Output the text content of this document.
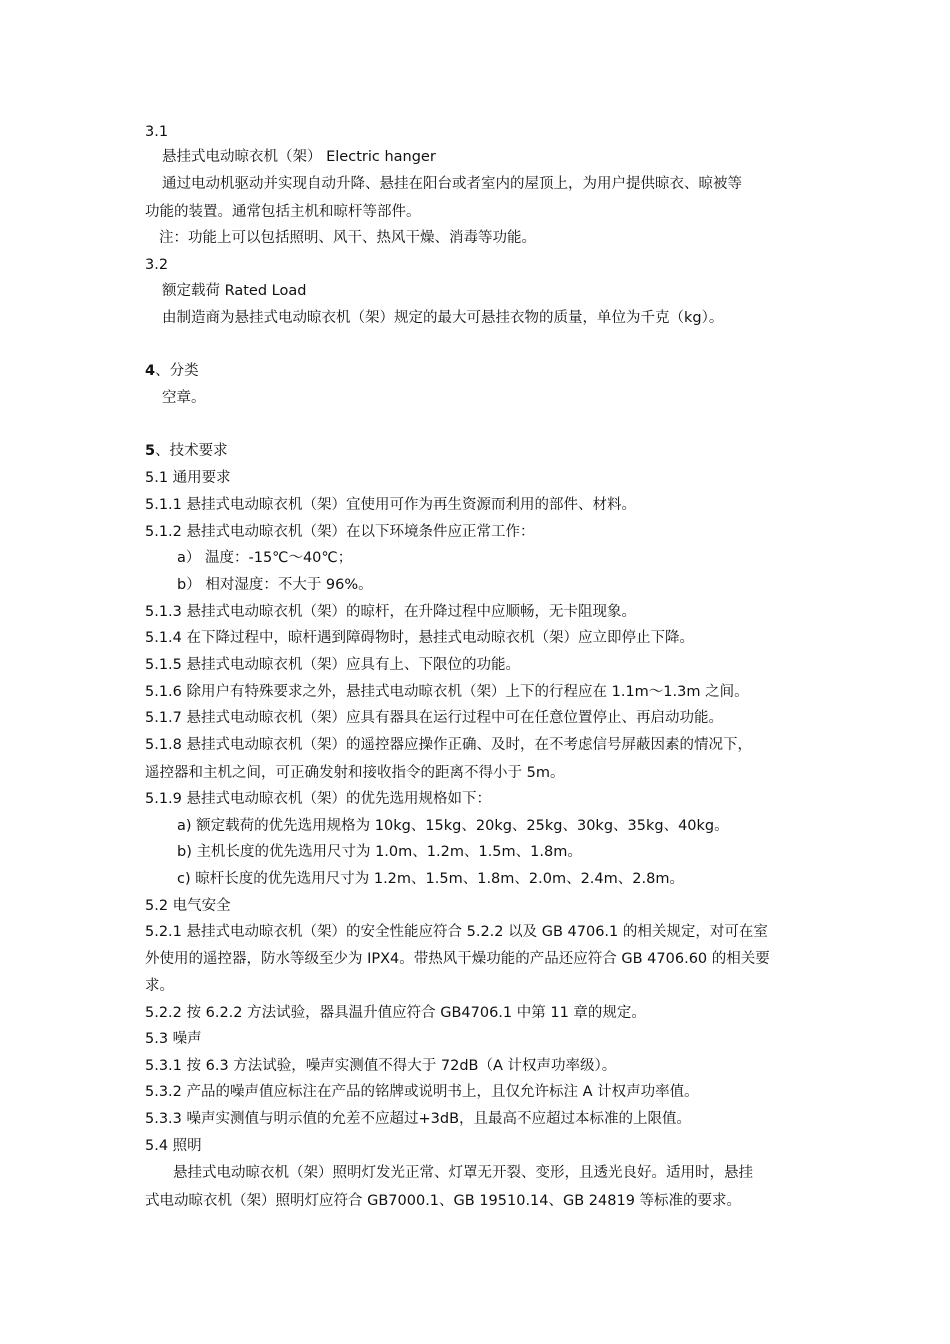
3.1
悬挂式电动晾衣机（架） Electric hanger
通过电动机驱动并实现自动升降、悬挂在阳台或者室内的屋顶上，为用户提供晾衣、晾被等
功能的装置。通常包括主机和晾杆等部件。
注：功能上可以包括照明、风干、热风干燥、消毒等功能。
3.2
额定载荷 Rated Load
由制造商为悬挂式电动晾衣机（架）规定的最大可悬挂衣物的质量，单位为千克（kg）。
4、分类
空章。
5、技术要求
5.1 通用要求
5.1.1 悬挂式电动晾衣机（架）宜使用可作为再生资源而利用的部件、材料。
5.1.2 悬挂式电动晾衣机（架）在以下环境条件应正常工作：
a） 温度：-15℃～40℃；
b） 相对湿度：不大于 96%。
5.1.3 悬挂式电动晾衣机（架）的晾杆，在升降过程中应顺畅，无卡阻现象。
5.1.4 在下降过程中，晾杆遇到障碍物时，悬挂式电动晾衣机（架）应立即停止下降。
5.1.5 悬挂式电动晾衣机（架）应具有上、下限位的功能。
5.1.6 除用户有特殊要求之外，悬挂式电动晾衣机（架）上下的行程应在 1.1m～1.3m 之间。
5.1.7 悬挂式电动晾衣机（架）应具有器具在运行过程中可在任意位置停止、再启动功能。
5.1.8 悬挂式电动晾衣机（架）的遥控器应操作正确、及时，在不考虑信号屏蔽因素的情况下，
遥控器和主机之间，可正确发射和接收指令的距离不得小于 5m。
5.1.9 悬挂式电动晾衣机（架）的优先选用规格如下：
a) 额定载荷的优先选用规格为 10kg、15kg、20kg、25kg、30kg、35kg、40kg。
b) 主机长度的优先选用尺寸为 1.0m、1.2m、1.5m、1.8m。
c) 晾杆长度的优先选用尺寸为 1.2m、1.5m、1.8m、2.0m、2.4m、2.8m。
5.2 电气安全
5.2.1 悬挂式电动晾衣机（架）的安全性能应符合 5.2.2 以及 GB 4706.1 的相关规定，对可在室
外使用的遥控器，防水等级至少为 IPX4。带热风干燥功能的产品还应符合 GB 4706.60 的相关要
求。
5.2.2 按 6.2.2 方法试验，器具温升值应符合 GB4706.1 中第 11 章的规定。
5.3 噪声
5.3.1 按 6.3 方法试验，噪声实测值不得大于 72dB（A 计权声功率级）。
5.3.2 产品的噪声值应标注在产品的铭牌或说明书上，且仅允许标注 A 计权声功率值。
5.3.3 噪声实测值与明示值的允差不应超过+3dB，且最高不应超过本标准的上限值。
5.4 照明
悬挂式电动晾衣机（架）照明灯发光正常、灯罩无开裂、变形，且透光良好。适用时，悬挂
式电动晾衣机（架）照明灯应符合 GB7000.1、GB 19510.14、GB 24819 等标准的要求。
